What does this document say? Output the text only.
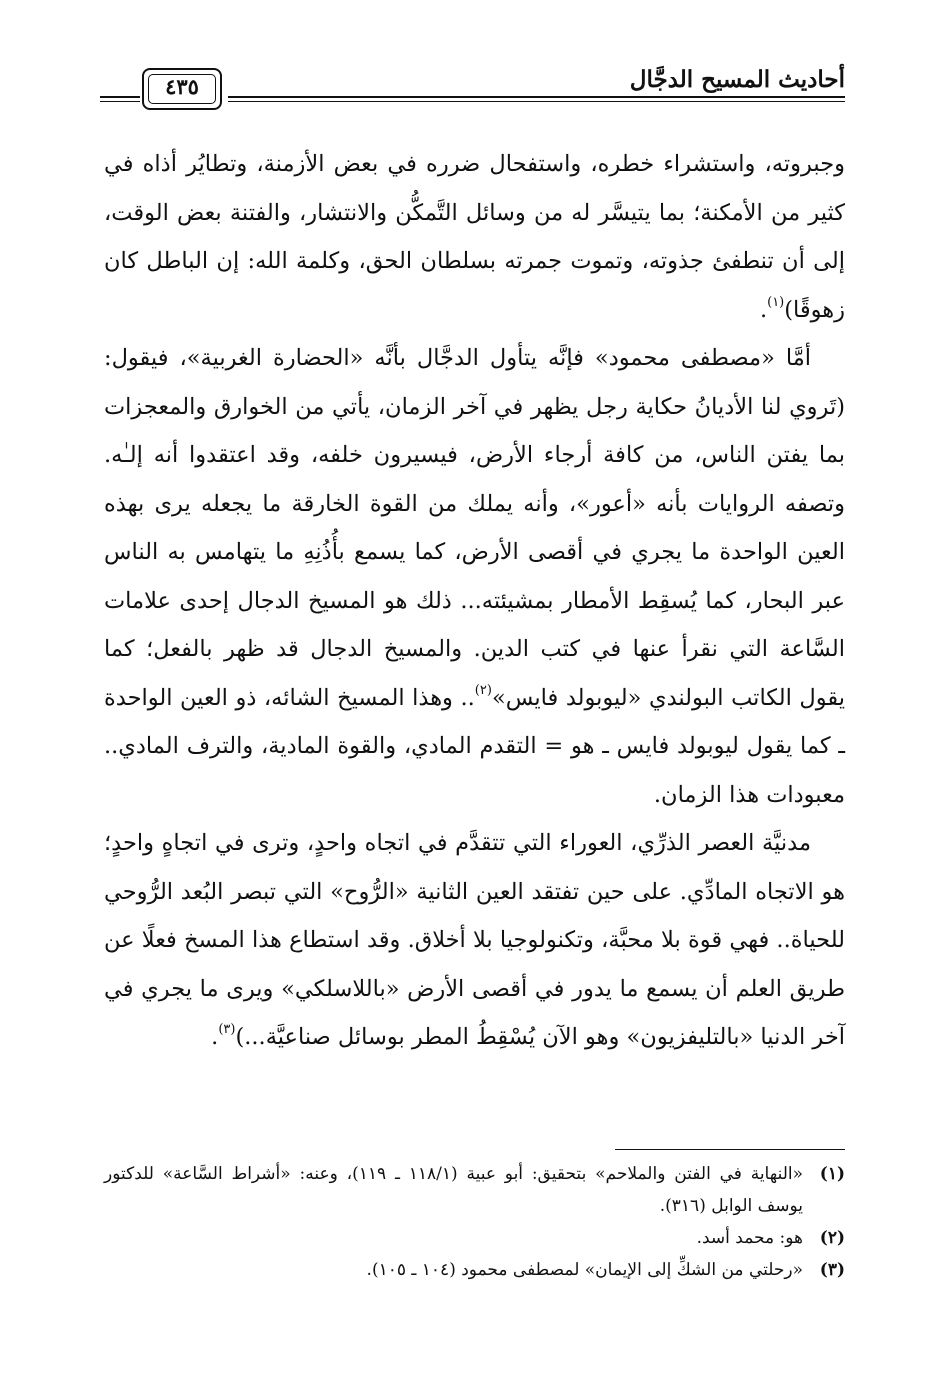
أحاديث المسيح الدجَّال
٤٣٥

وجبروته، واستشراء خطره، واستفحال ضرره في بعض الأزمنة، وتطايُر أذاه في كثير من الأمكنة؛ بما يتيسَّر له من وسائل التَّمكُّن والانتشار، والفتنة بعض الوقت، إلى أن تنطفئ جذوته، وتموت جمرته بسلطان الحق، وكلمة الله: إن الباطل كان زهوقًا)$^{(١)}$.

أمَّا «مصطفى محمود» فإنَّه يتأول الدجَّال بأنَّه «الحضارة الغربية»، فيقول: (تَروي لنا الأديانُ حكاية رجل يظهر في آخر الزمان، يأتي من الخوارق والمعجزات بما يفتن الناس، من كافة أرجاء الأرض، فيسيرون خلفه، وقد اعتقدوا أنه إلـٰه. وتصفه الروايات بأنه «أعور»، وأنه يملك من القوة الخارقة ما يجعله يرى بهذه العين الواحدة ما يجري في أقصى الأرض، كما يسمع بأُذُنِهِ ما يتهامس به الناس عبر البحار، كما يُسقِط الأمطار بمشيئته... ذلك هو المسيخ الدجال إحدى علامات السَّاعة التي نقرأ عنها في كتب الدين. والمسيخ الدجال قد ظهر بالفعل؛ كما يقول الكاتب البولندي «ليوبولد فايس»$^{(٢)}$.. وهذا المسيخ الشائه، ذو العين الواحدة ـ كما يقول ليوبولد فايس ـ هو = التقدم المادي، والقوة المادية، والترف المادي.. معبودات هذا الزمان.

مدنيَّة العصر الذرِّي، العوراء التي تتقدَّم في اتجاه واحدٍ، وترى في اتجاهٍ واحدٍ؛ هو الاتجاه المادِّي. على حين تفتقد العين الثانية «الرُّوح» التي تبصر البُعد الرُّوحي للحياة.. فهي قوة بلا محبَّة، وتكنولوجيا بلا أخلاق. وقد استطاع هذا المسخ فعلًا عن طريق العلم أن يسمع ما يدور في أقصى الأرض «باللاسلكي» ويرى ما يجري في آخر الدنيا «بالتليفزيون» وهو الآن يُسْقِطُ المطر بوسائل صناعيَّة...)$^{(٣)}$.

(١)
«النهاية في الفتن والملاحم» بتحقيق: أبو عبية (١١٨/١ ـ ١١٩)، وعنه: «أشراط السَّاعة» للدكتور يوسف الوابل (٣١٦).
(٢)
هو: محمد أسد.
(٣)
«رحلتي من الشكِّ إلى الإيمان» لمصطفى محمود (١٠٤ ـ ١٠٥).
